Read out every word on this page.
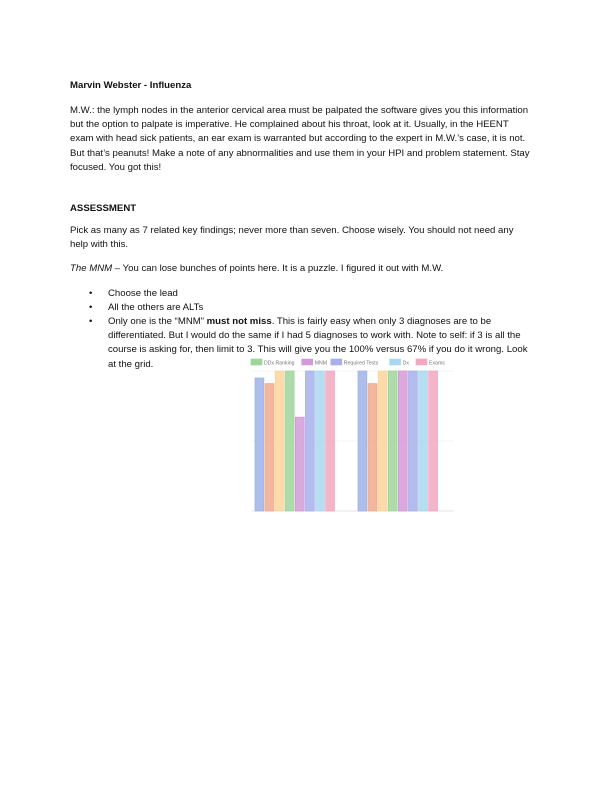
Marvin Webster - Influenza

M.W.: the lymph nodes in the anterior cervical area must be palpated the software gives you this information but the option to palpate is imperative. He complained about his throat, look at it. Usually, in the HEENT exam with head sick patients, an ear exam is warranted but according to the expert in M.W.’s case, it is not. But that’s peanuts! Make a note of any abnormalities and use them in your HPI and problem statement. Stay focused. You got this!

ASSESSMENT

Pick as many as 7 related key findings; never more than seven. Choose wisely. You should not need any help with this.

The MNM – You can lose bunches of points here. It is a puzzle. I figured it out with M.W.

• Choose the lead
• All the others are ALTs
• Only one is the “MNM” must not miss. This is fairly easy when only 3 diagnoses are to be differentiated. But I would do the same if I had 5 diagnoses to work with. Note to self: if 3 is all the course is asking for, then limit to 3. This will give you the 100% versus 67% if you do it wrong. Look at the grid.	DDx Ranking	MNM	Required Tests	Dx	Exams
